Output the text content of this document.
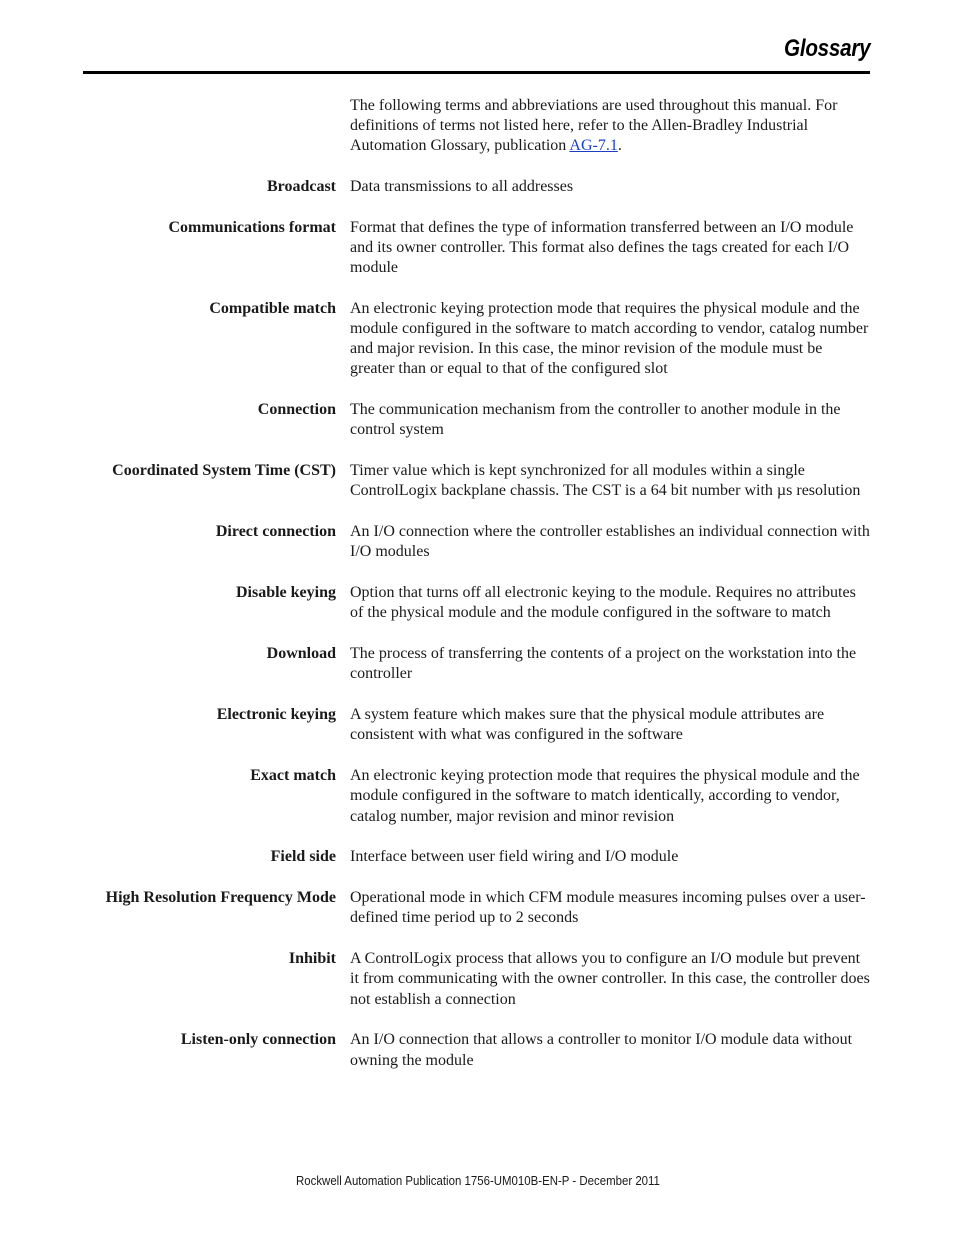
Glossary
The following terms and abbreviations are used throughout this manual. For definitions of terms not listed here, refer to the Allen-Bradley Industrial Automation Glossary, publication AG-7.1.
Broadcast Data transmissions to all addresses
Communications format Format that defines the type of information transferred between an I/O module and its owner controller. This format also defines the tags created for each I/O module
Compatible match An electronic keying protection mode that requires the physical module and the module configured in the software to match according to vendor, catalog number and major revision. In this case, the minor revision of the module must be greater than or equal to that of the configured slot
Connection The communication mechanism from the controller to another module in the control system
Coordinated System Time (CST) Timer value which is kept synchronized for all modules within a single ControlLogix backplane chassis. The CST is a 64 bit number with µs resolution
Direct connection An I/O connection where the controller establishes an individual connection with I/O modules
Disable keying Option that turns off all electronic keying to the module. Requires no attributes of the physical module and the module configured in the software to match
Download The process of transferring the contents of a project on the workstation into the controller
Electronic keying A system feature which makes sure that the physical module attributes are consistent with what was configured in the software
Exact match An electronic keying protection mode that requires the physical module and the module configured in the software to match identically, according to vendor, catalog number, major revision and minor revision
Field side Interface between user field wiring and I/O module
High Resolution Frequency Mode Operational mode in which CFM module measures incoming pulses over a user-defined time period up to 2 seconds
Inhibit A ControlLogix process that allows you to configure an I/O module but prevent it from communicating with the owner controller. In this case, the controller does not establish a connection
Listen-only connection An I/O connection that allows a controller to monitor I/O module data without owning the module
Rockwell Automation Publication 1756-UM010B-EN-P - December 2011
